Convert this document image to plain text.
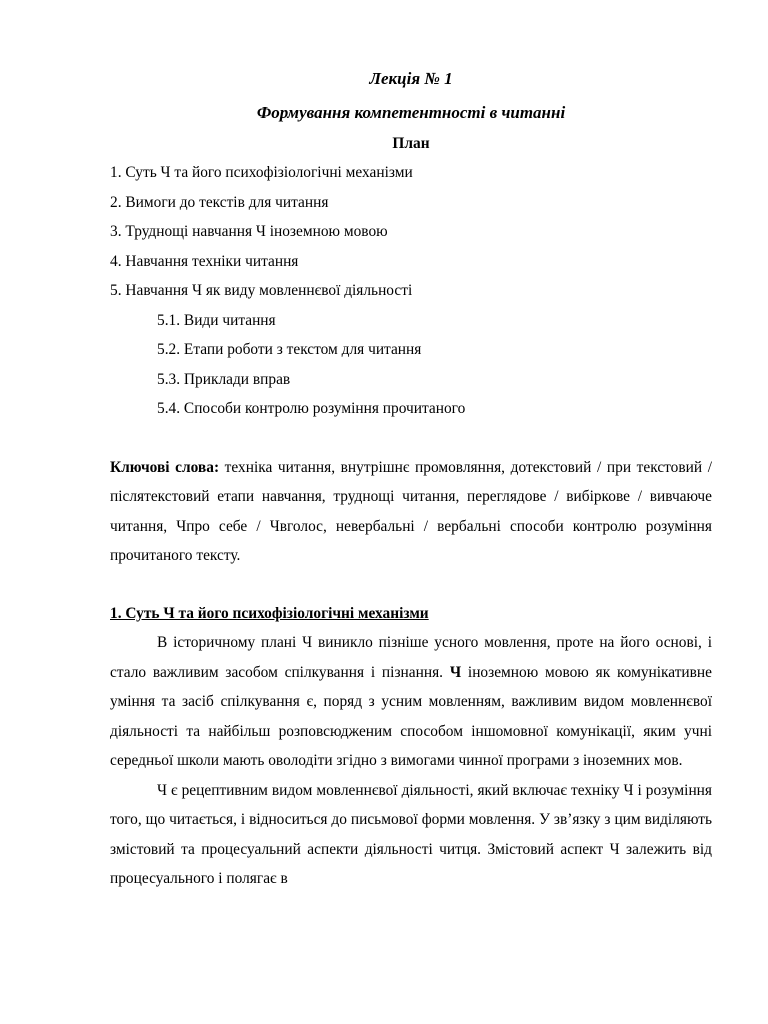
Лекція № 1

Формування компетентності в читанні

План

1. Суть Ч та його психофізіологічні механізми
2. Вимоги до текстів для читання
3. Труднощі навчання Ч іноземною мовою
4. Навчання техніки читання
5. Навчання Ч як виду мовленнєвої діяльності
5.1. Види читання
5.2. Етапи роботи з текстом для читання
5.3. Приклади вправ
5.4. Способи контролю розуміння прочитаного

Ключові слова: техніка читання, внутрішнє промовляння, дотекстовий / при текстовий / післятекстовий етапи навчання, труднощі читання, переглядове / вибіркове / вивчаюче читання, Чпро себе / Чвголос, невербальні / вербальні способи контролю розуміння прочитаного тексту.

1. Суть Ч та його психофізіологічні механізми

В історичному плані Ч виникло пізніше усного мовлення, проте на його основі, і стало важливим засобом спілкування і пізнання. Ч іноземною мовою як комунікативне уміння та засіб спілкування є, поряд з усним мовленням, важливим видом мовленнєвої діяльності та найбільш розповсюдженим способом іншомовної комунікації, яким учні середньої школи мають оволодіти згідно з вимогами чинної програми з іноземних мов.

Ч є рецептивним видом мовленнєвої діяльності, який включає техніку Ч і розуміння того, що читається, і відноситься до письмової форми мовлення. У зв’язку з цим виділяють змістовий та процесуальний аспекти діяльності читця. Змістовий аспект Ч залежить від процесуального і полягає в
